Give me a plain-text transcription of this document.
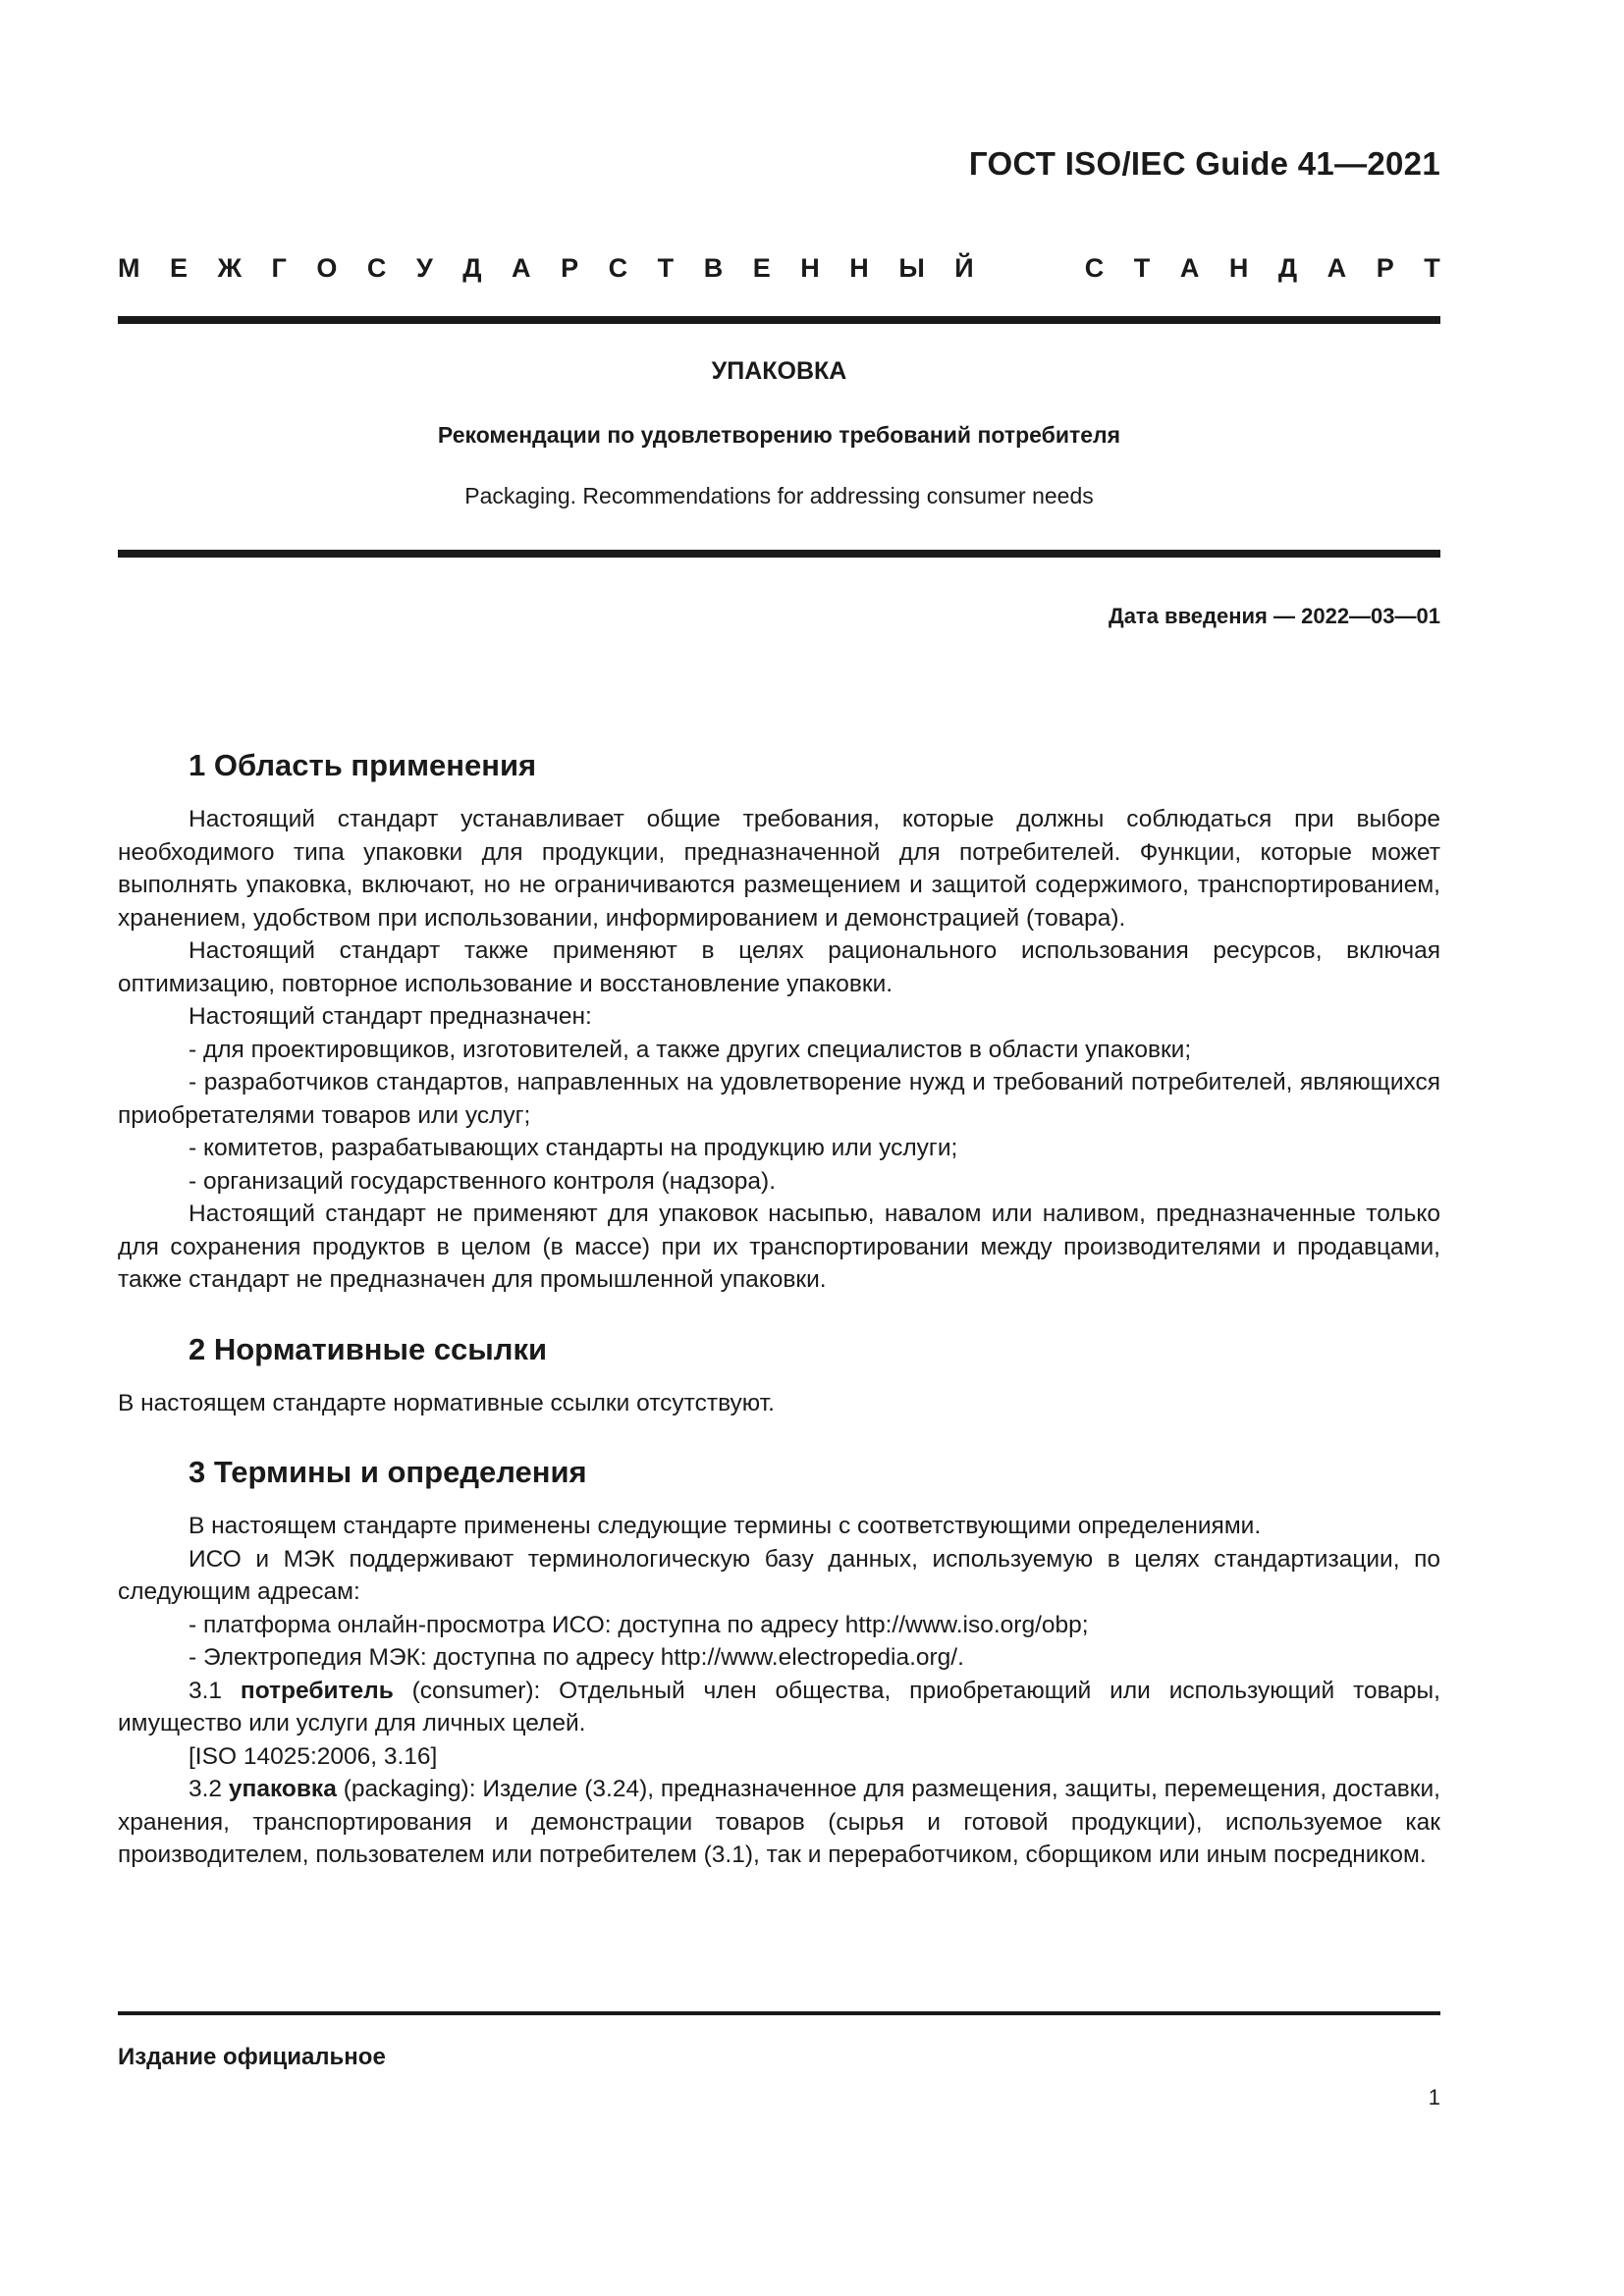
ГОСТ ISO/IEC Guide 41—2021
М Е Ж Г О С У Д А Р С Т В Е Н Н Ы Й	С Т А Н Д А Р Т
УПАКОВКА
Рекомендации по удовлетворению требований потребителя
Packaging. Recommendations for addressing consumer needs
Дата введения — 2022—03—01
1 Область применения

Настоящий стандарт устанавливает общие требования, которые должны соблюдаться при выборе необходимого типа упаковки для продукции, предназначенной для потребителей. Функции, которые может выполнять упаковка, включают, но не ограничиваются размещением и защитой содержимого, транспортированием, хранением, удобством при использовании, информированием и демонстрацией (товара).

Настоящий стандарт также применяют в целях рационального использования ресурсов, включая оптимизацию, повторное использование и восстановление упаковки.

Настоящий стандарт предназначен:

- для проектировщиков, изготовителей, а также других специалистов в области упаковки;

- разработчиков стандартов, направленных на удовлетворение нужд и требований потребителей, являющихся приобретателями товаров или услуг;

- комитетов, разрабатывающих стандарты на продукцию или услуги;

- организаций государственного контроля (надзора).

Настоящий стандарт не применяют для упаковок насыпью, навалом или наливом, предназначенные только для сохранения продуктов в целом (в массе) при их транспортировании между производителями и продавцами, также стандарт не предназначен для промышленной упаковки.

2 Нормативные ссылки

В настоящем стандарте нормативные ссылки отсутствуют.

3 Термины и определения

В настоящем стандарте применены следующие термины с соответствующими определениями.

ИСО и МЭК поддерживают терминологическую базу данных, используемую в целях стандартизации, по следующим адресам:

- платформа онлайн-просмотра ИСО: доступна по адресу http://www.iso.org/obp;

- Электропедия МЭК: доступна по адресу http://www.electropedia.org/.

3.1 потребитель (consumer): Отдельный член общества, приобретающий или использующий товары, имущество или услуги для личных целей.

[ISO 14025:2006, 3.16]

3.2 упаковка (packaging): Изделие (3.24), предназначенное для размещения, защиты, перемещения, доставки, хранения, транспортирования и демонстрации товаров (сырья и готовой продукции), используемое как производителем, пользователем или потребителем (3.1), так и переработчиком, сборщиком или иным посредником.

Издание официальное
1
